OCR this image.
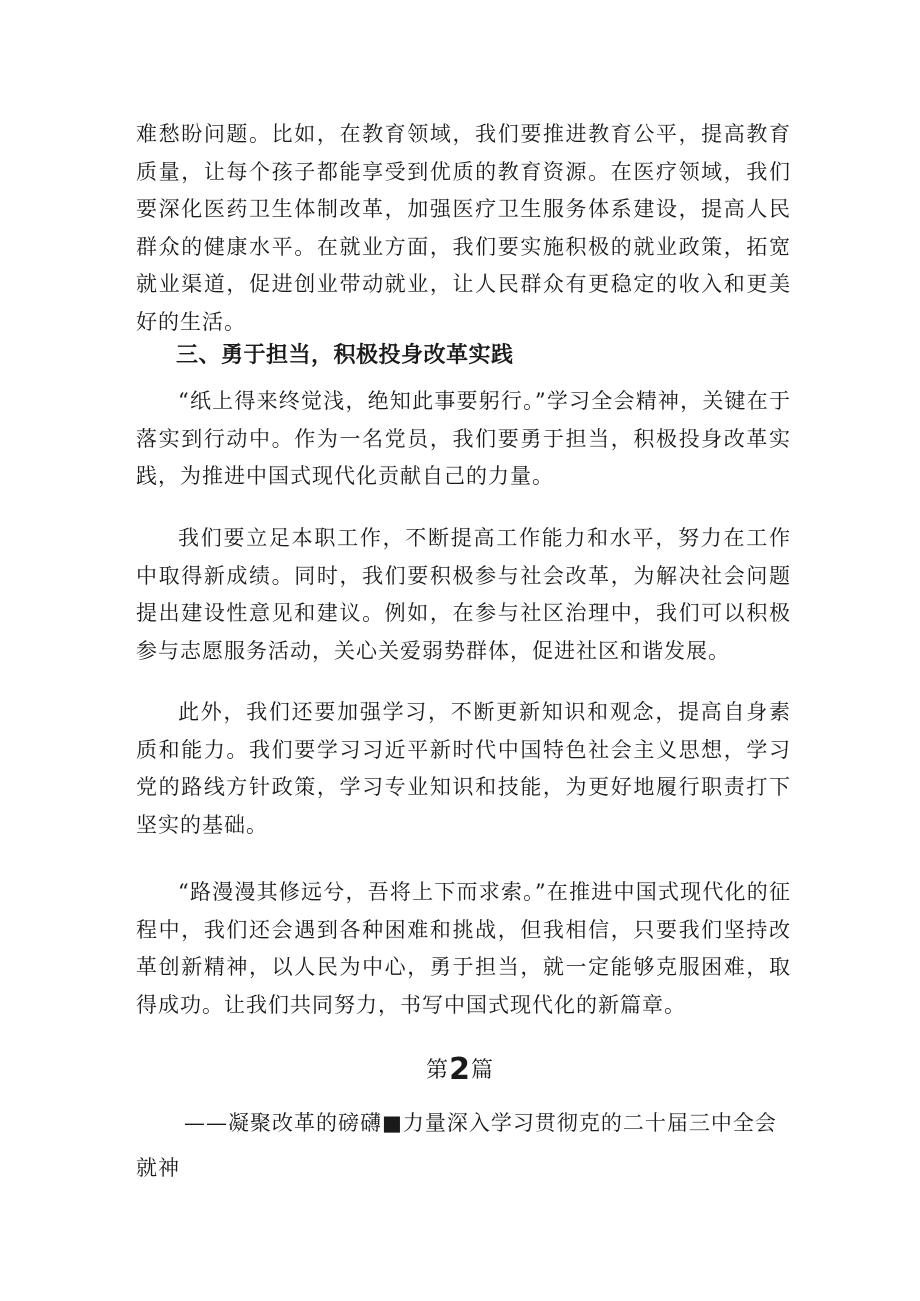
难愁盼问题。比如，在教育领域，我们要推进教育公平，提高教育质量，让每个孩子都能享受到优质的教育资源。在医疗领域，我们要深化医药卫生体制改革，加强医疗卫生服务体系建设，提高人民群众的健康水平。在就业方面，我们要实施积极的就业政策，拓宽就业渠道，促进创业带动就业，让人民群众有更稳定的收入和更美好的生活。

三、勇于担当，积极投身改革实践

“纸上得来终觉浅，绝知此事要躬行。”学习全会精神，关键在于落实到行动中。作为一名党员，我们要勇于担当，积极投身改革实践，为推进中国式现代化贡献自己的力量。

我们要立足本职工作，不断提高工作能力和水平，努力在工作中取得新成绩。同时，我们要积极参与社会改革，为解决社会问题提出建设性意见和建议。例如，在参与社区治理中，我们可以积极参与志愿服务活动，关心关爱弱势群体，促进社区和谐发展。

此外，我们还要加强学习，不断更新知识和观念，提高自身素质和能力。我们要学习习近平新时代中国特色社会主义思想，学习党的路线方针政策，学习专业知识和技能，为更好地履行职责打下坚实的基础。

“路漫漫其修远兮，吾将上下而求索。”在推进中国式现代化的征程中，我们还会遇到各种困难和挑战，但我相信，只要我们坚持改革创新精神，以人民为中心，勇于担当，就一定能够克服困难，取得成功。让我们共同努力，书写中国式现代化的新篇章。

第2篇

——凝聚改革的磅礴■力量深入学习贯彻克的二十届三中全会就神
